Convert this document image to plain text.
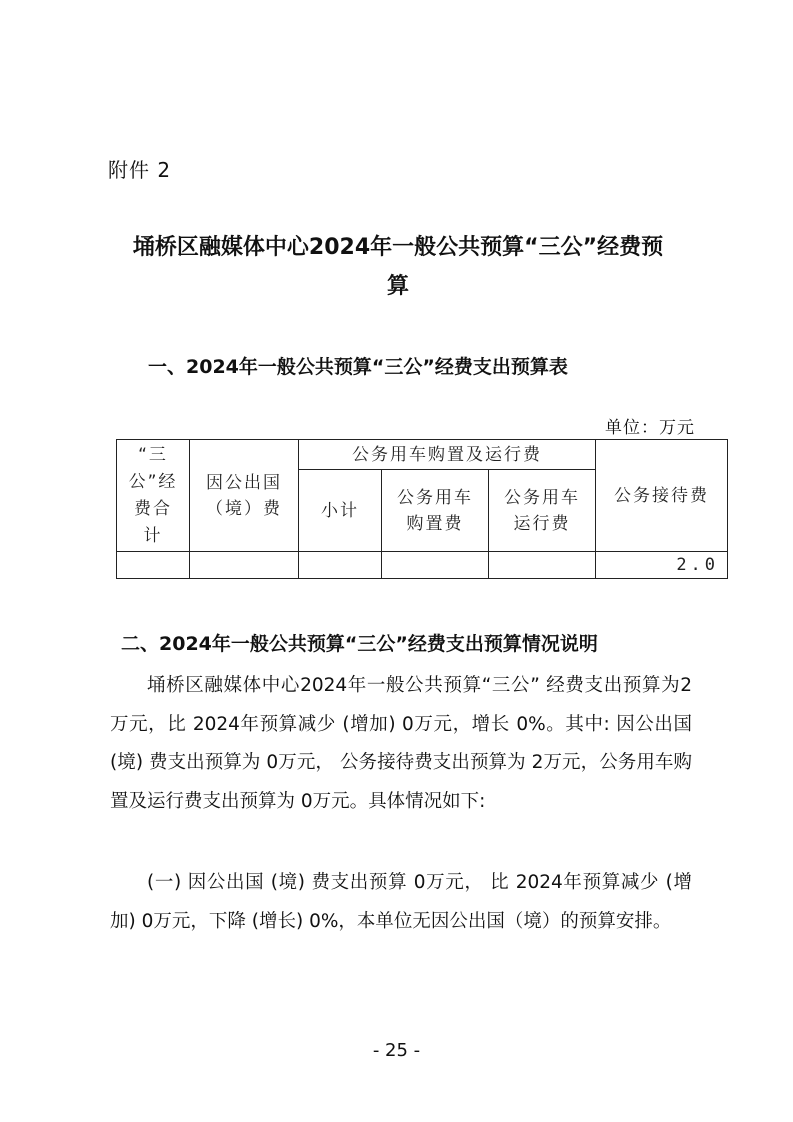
附件 2
埇桥区融媒体中心2024年一般公共预算“三公”经费预
算
一、2024年一般公共预算“三公”经费支出预算表
单位：万元
“三公”经费合计	因公出国（境）费	公务用车购置及运行费			公务接待费
		小计	公务用车购置费	公务用车运行费	
					2.0
二、2024年一般公共预算“三公”经费支出预算情况说明
埇桥区融媒体中心2024年一般公共预算“三公” 经费支出预算为2万元，比 2024年预算减少 (增加) 0万元，增长 0%。其中: 因公出国 (境) 费支出预算为 0万元， 公务接待费支出预算为 2万元，公务用车购置及运行费支出预算为 0万元。具体情况如下:
(一) 因公出国 (境) 费支出预算 0万元， 比 2024年预算减少 (增加) 0万元，下降 (增长) 0%，本单位无因公出国（境）的预算安排。
- 25 -
